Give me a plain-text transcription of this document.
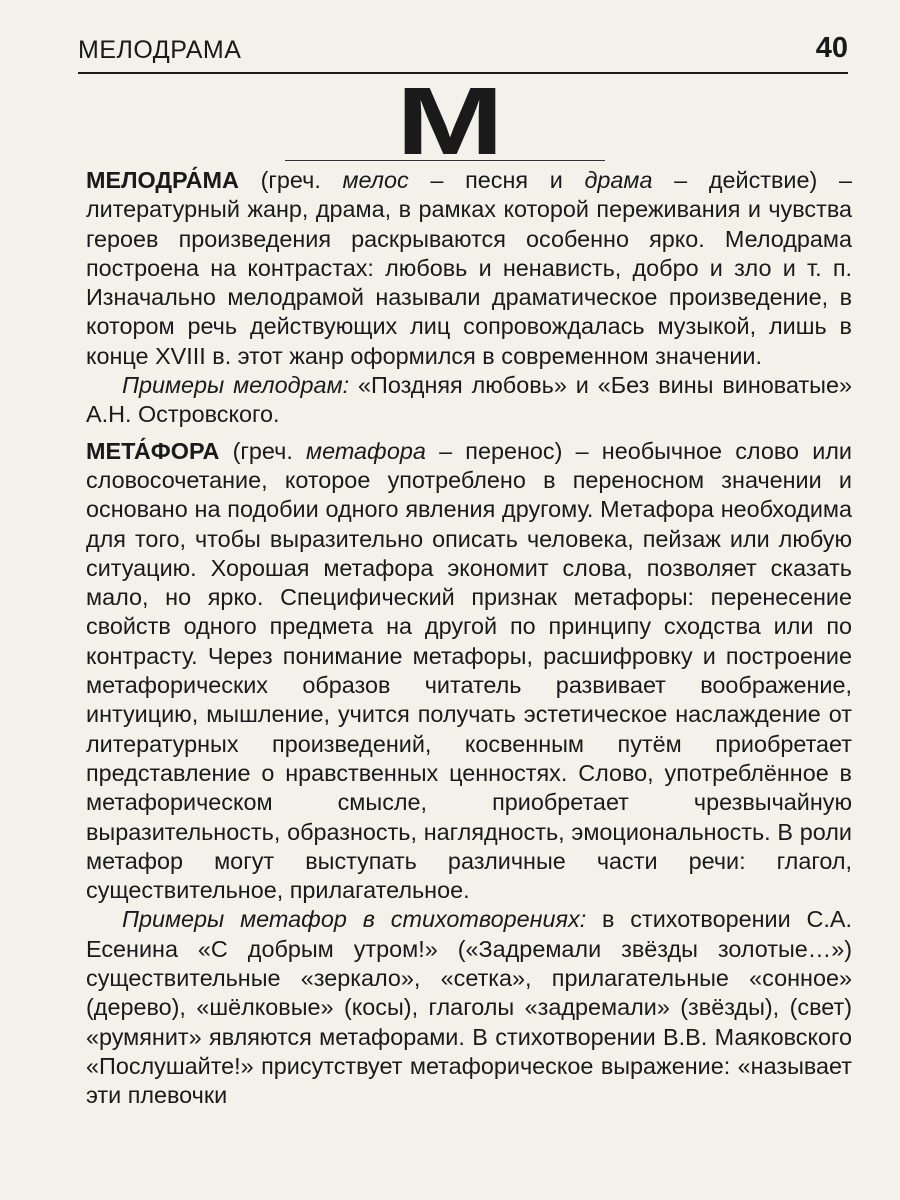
МЕЛОДРАМА	40
М

МЕЛОДРА́МА (греч. мелос – песня и драма – действие) – литературный жанр, драма, в рамках которой переживания и чувства героев произведения раскрываются особенно ярко. Мелодрама построена на контрастах: любовь и ненависть, добро и зло и т. п. Изначально мелодрамой называли драматическое произведение, в котором речь действующих лиц сопровождалась музыкой, лишь в конце XVIII в. этот жанр оформился в современном значении.

Примеры мелодрам: «Поздняя любовь» и «Без вины виноватые» А.Н. Островского.

МЕТА́ФОРА (греч. метафора – перенос) – необычное слово или словосочетание, которое употреблено в переносном значении и основано на подобии одного явления другому. Метафора необходима для того, чтобы выразительно описать человека, пейзаж или любую ситуацию. Хорошая метафора экономит слова, позволяет сказать мало, но ярко. Специфический признак метафоры: перенесение свойств одного предмета на другой по принципу сходства или по контрасту. Через понимание метафоры, расшифровку и построение метафорических образов читатель развивает воображение, интуицию, мышление, учится получать эстетическое наслаждение от литературных произведений, косвенным путём приобретает представление о нравственных ценностях. Слово, употреблённое в метафорическом смысле, приобретает чрезвычайную выразительность, образность, наглядность, эмоциональность. В роли метафор могут выступать различные части речи: глагол, существительное, прилагательное.

Примеры метафор в стихотворениях: в стихотворении С.А. Есенина «С добрым утром!» («Задремали звёзды золотые…») существительные «зеркало», «сетка», прилагательные «сонное» (дерево), «шёлковые» (косы), глаголы «задремали» (звёзды), (свет) «румянит» являются метафорами. В стихотворении В.В. Маяковского «Послушайте!» присутствует метафорическое выражение: «называет эти плевочки
